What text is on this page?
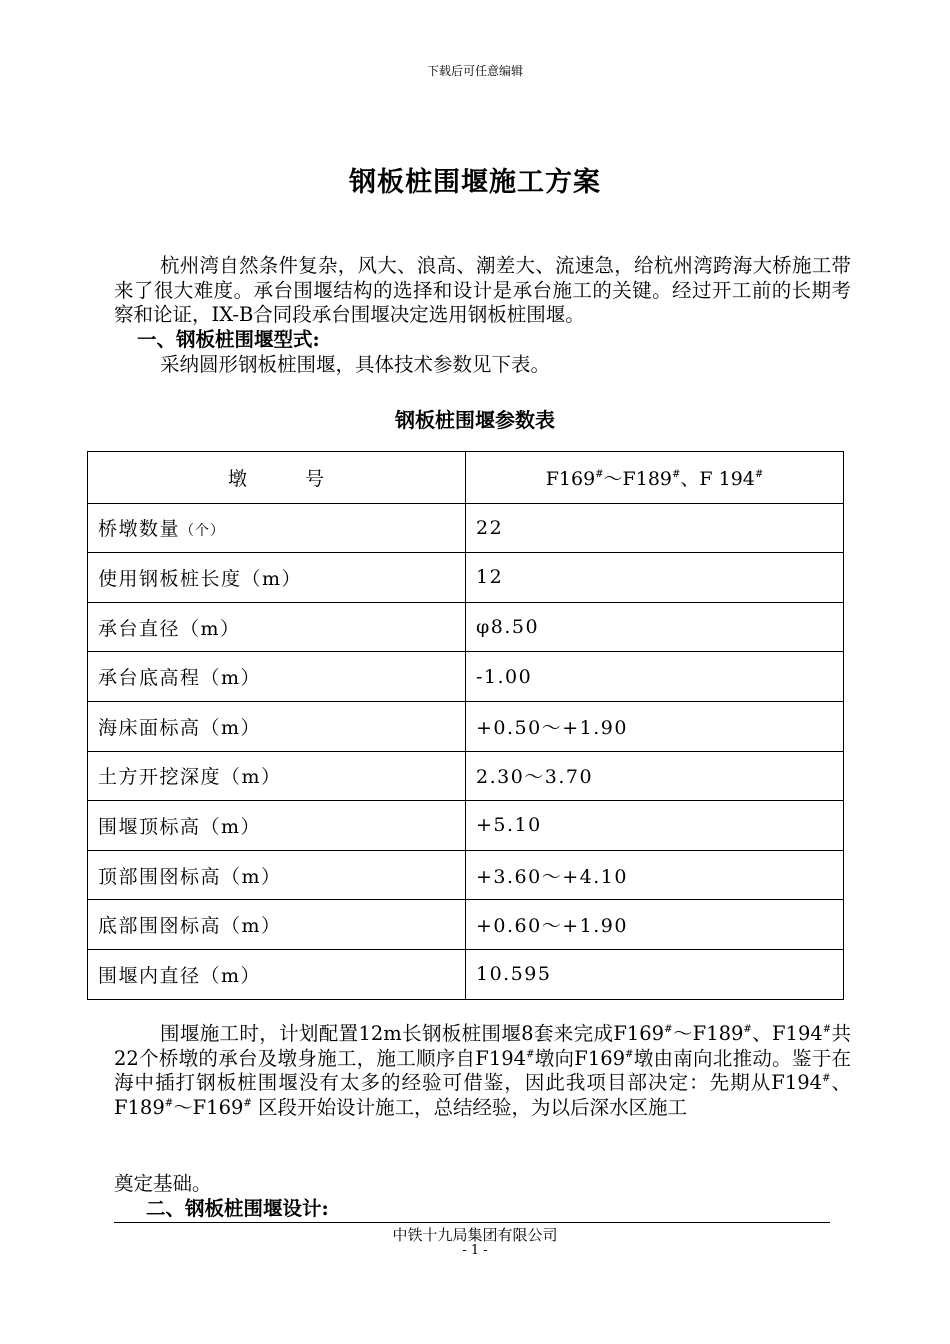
下载后可任意编辑
钢板桩围堰施工方案
杭州湾自然条件复杂，风大、浪高、潮差大、流速急，给杭州湾跨海大桥施工带来了很大难度。承台围堰结构的选择和设计是承台施工的关键。经过开工前的长期考察和论证，IX-B合同段承台围堰决定选用钢板桩围堰。
一、钢板桩围堰型式:
采纳圆形钢板桩围堰，具体技术参数见下表。
钢板桩围堰参数表
墩号	F169#～F189#、F 194#
桥墩数量（个）	22
使用钢板桩长度（m）	12
承台直径（m）	φ8.50
承台底高程（m）	-1.00
海床面标高（m）	+0.50～+1.90
土方开挖深度（m）	2.30～3.70
围堰顶标高（m）	+5.10
顶部围囹标高（m）	+3.60～+4.10
底部围囹标高（m）	+0.60～+1.90
围堰内直径（m）	10.595
围堰施工时，计划配置12m长钢板桩围堰8套来完成F169#～F189#、F194#共22个桥墩的承台及墩身施工，施工顺序自F194#墩向F169#墩由南向北推动。鉴于在海中插打钢板桩围堰没有太多的经验可借鉴，因此我项目部决定：先期从F194#、F189#～F169# 区段开始设计施工，总结经验，为以后深水区施工
奠定基础。
二、钢板桩围堰设计:
中铁十九局集团有限公司
- 1 -
